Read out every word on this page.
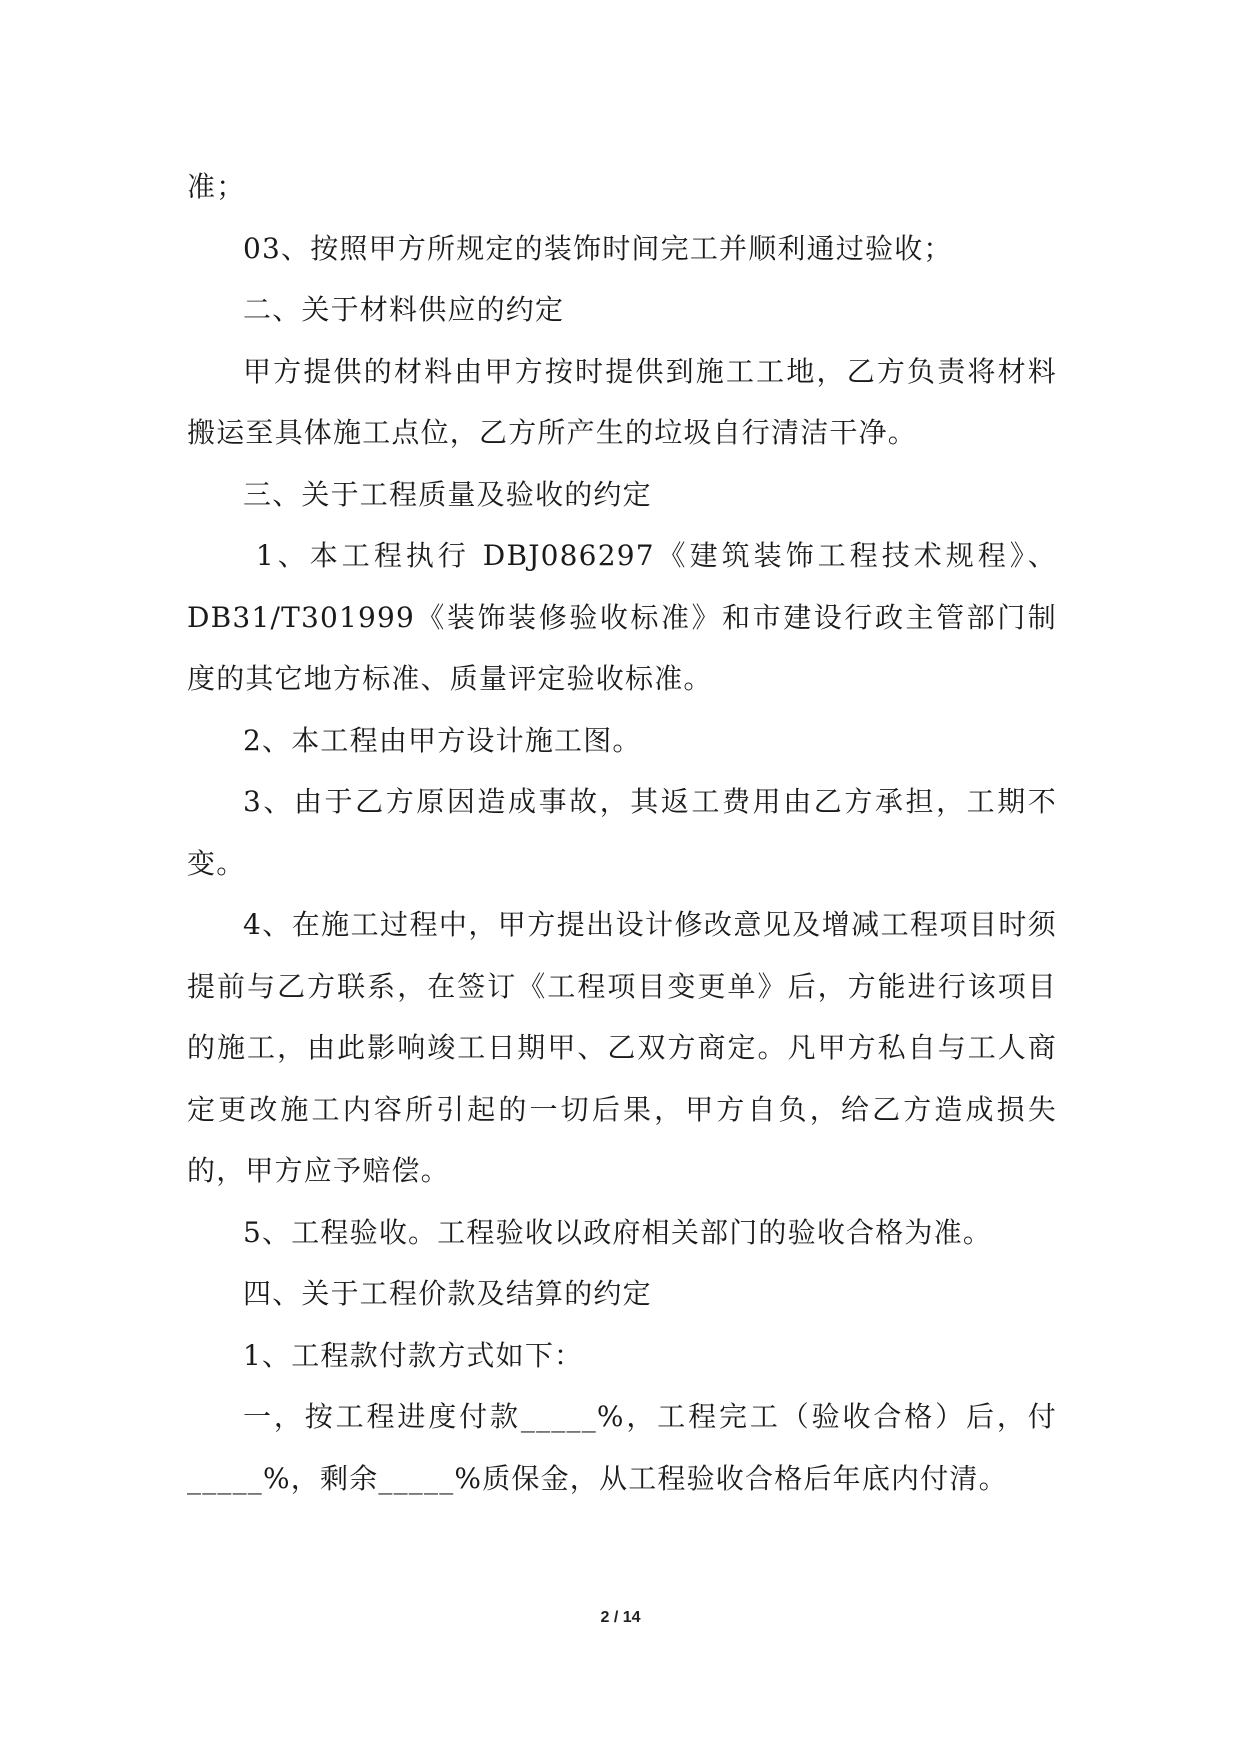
准；

03、按照甲方所规定的装饰时间完工并顺利通过验收；

二、关于材料供应的约定

甲方提供的材料由甲方按时提供到施工工地，乙方负责将材料搬运至具体施工点位，乙方所产生的垃圾自行清洁干净。

三、关于工程质量及验收的约定

1、本工程执行 DBJ086297《建筑装饰工程技术规程》、DB31/T301999《装饰装修验收标准》和市建设行政主管部门制度的其它地方标准、质量评定验收标准。

2、本工程由甲方设计施工图。

3、由于乙方原因造成事故，其返工费用由乙方承担，工期不变。

4、在施工过程中，甲方提出设计修改意见及增减工程项目时须提前与乙方联系，在签订《工程项目变更单》后，方能进行该项目的施工，由此影响竣工日期甲、乙双方商定。凡甲方私自与工人商定更改施工内容所引起的一切后果，甲方自负，给乙方造成损失的，甲方应予赔偿。

5、工程验收。工程验收以政府相关部门的验收合格为准。

四、关于工程价款及结算的约定

1、工程款付款方式如下：

一，按工程进度付款_____%，工程完工（验收合格）后，付_____%，剩余_____%质保金，从工程验收合格后年底内付清。

2 / 14
